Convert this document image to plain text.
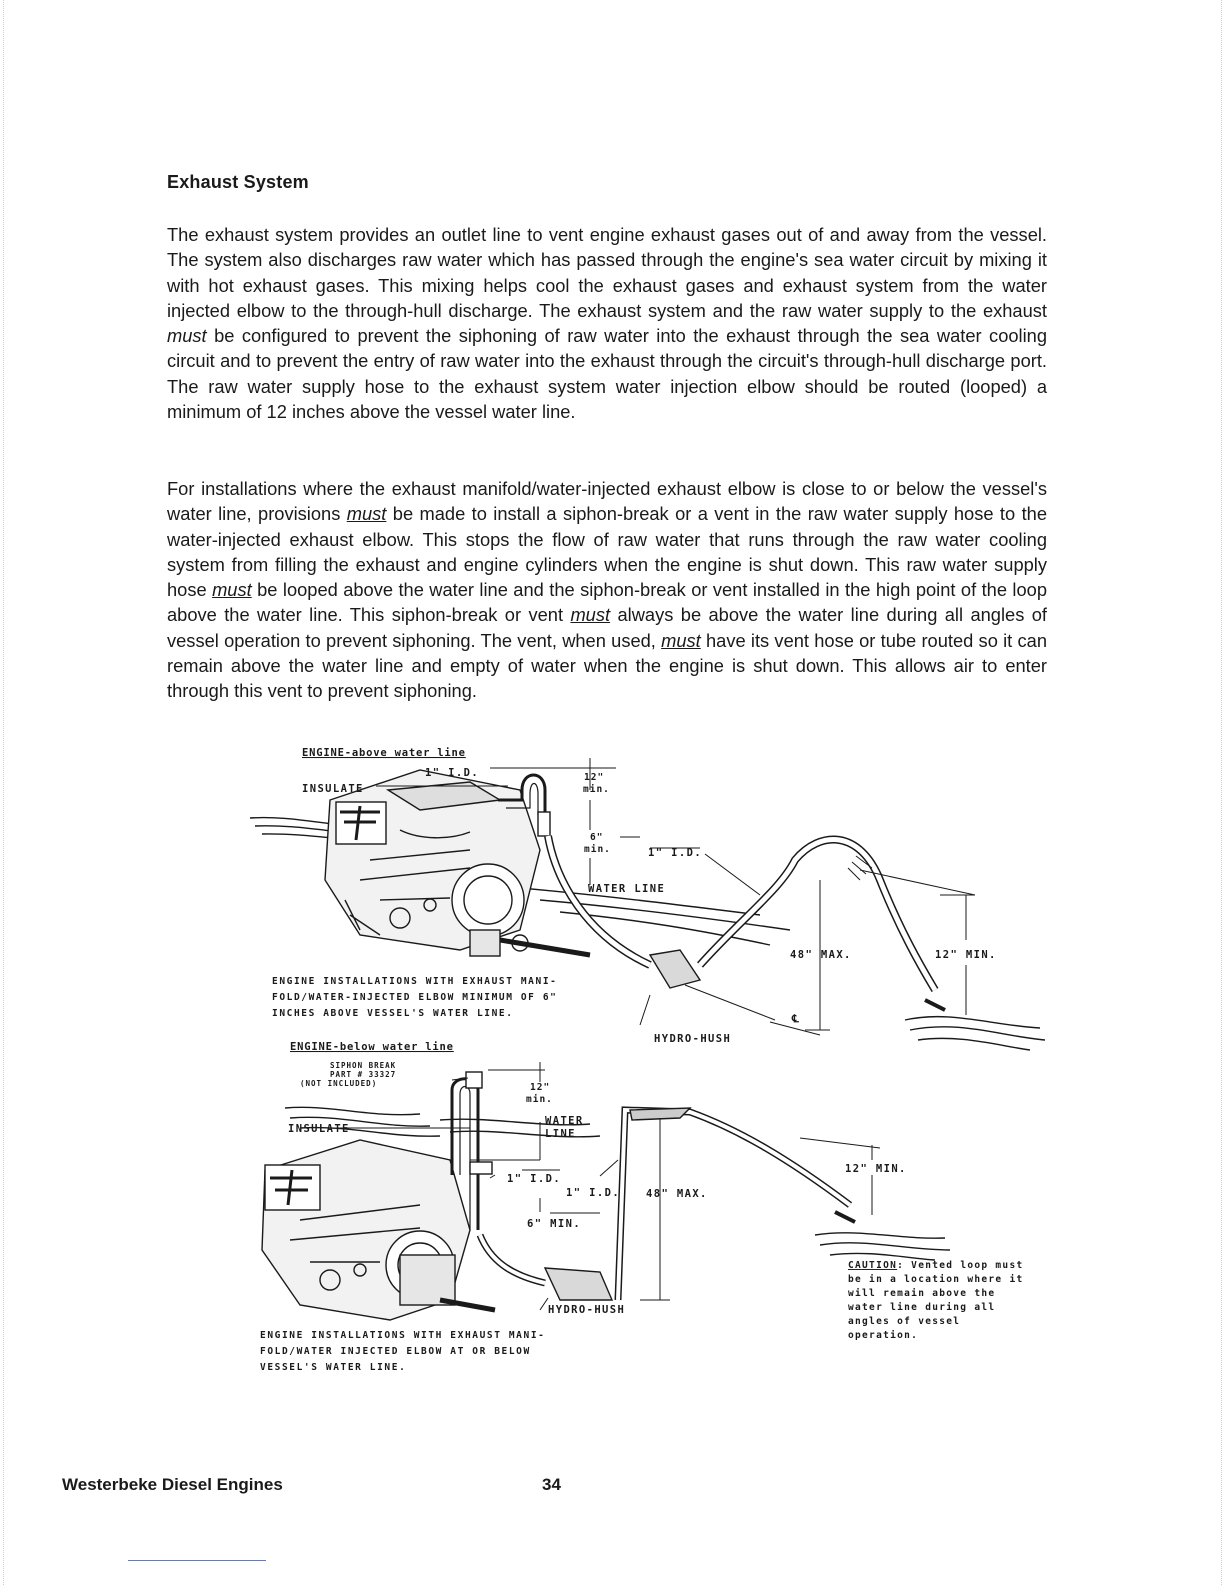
Exhaust System

The exhaust system provides an outlet line to vent engine exhaust gases out of and away from the vessel. The system also discharges raw water which has passed through the engine's sea water circuit by mixing it with hot exhaust gases. This mixing helps cool the exhaust gases and exhaust system from the water injected elbow to the through-hull discharge. The exhaust system and the raw water supply to the exhaust must be configured to prevent the siphoning of raw water into the exhaust through the sea water cooling circuit and to prevent the entry of raw water into the exhaust through the circuit's through-hull discharge port. The raw water supply hose to the exhaust system water injection elbow should be routed (looped) a minimum of 12 inches above the vessel water line.

For installations where the exhaust manifold/water-injected exhaust elbow is close to or below the vessel's water line, provisions must be made to install a siphon-break or a vent in the raw water supply hose to the water-injected exhaust elbow. This stops the flow of raw water that runs through the raw water cooling system from filling the exhaust and engine cylinders when the engine is shut down. This raw water supply hose must be looped above the water line and the siphon-break or vent installed in the high point of the loop above the water line. This siphon-break or vent must always be above the water line during all angles of vessel operation to prevent siphoning. The vent, when used, must have its vent hose or tube routed so it can remain above the water line and empty of water when the engine is shut down. This allows air to enter through this vent to prevent siphoning.

ENGINE-above water line
1" I.D.
INSULATE
12"
min.
6"
min.	1" I.D.
WATER LINE
48" MAX.	12" MIN.
℄
HYDRO-HUSH
ENGINE INSTALLATIONS WITH EXHAUST MANI-
FOLD/WATER-INJECTED ELBOW MINIMUM OF 6"
INCHES ABOVE VESSEL'S WATER LINE.
ENGINE-below water line
SIPHON BREAK
PART # 33327
(NOT INCLUDED)	12"
min.
WATER
LINE
INSULATE
1" I.D.
1" I.D.
6" MIN.
48" MAX.
12" MIN.
HYDRO-HUSH
ENGINE INSTALLATIONS WITH EXHAUST MANI-
FOLD/WATER INJECTED ELBOW AT OR BELOW
VESSEL'S WATER LINE.
CAUTION: Vented loop must
be in a location where it
will remain above the
water line during all
angles of vessel
operation.
Westerbeke Diesel Engines	34
